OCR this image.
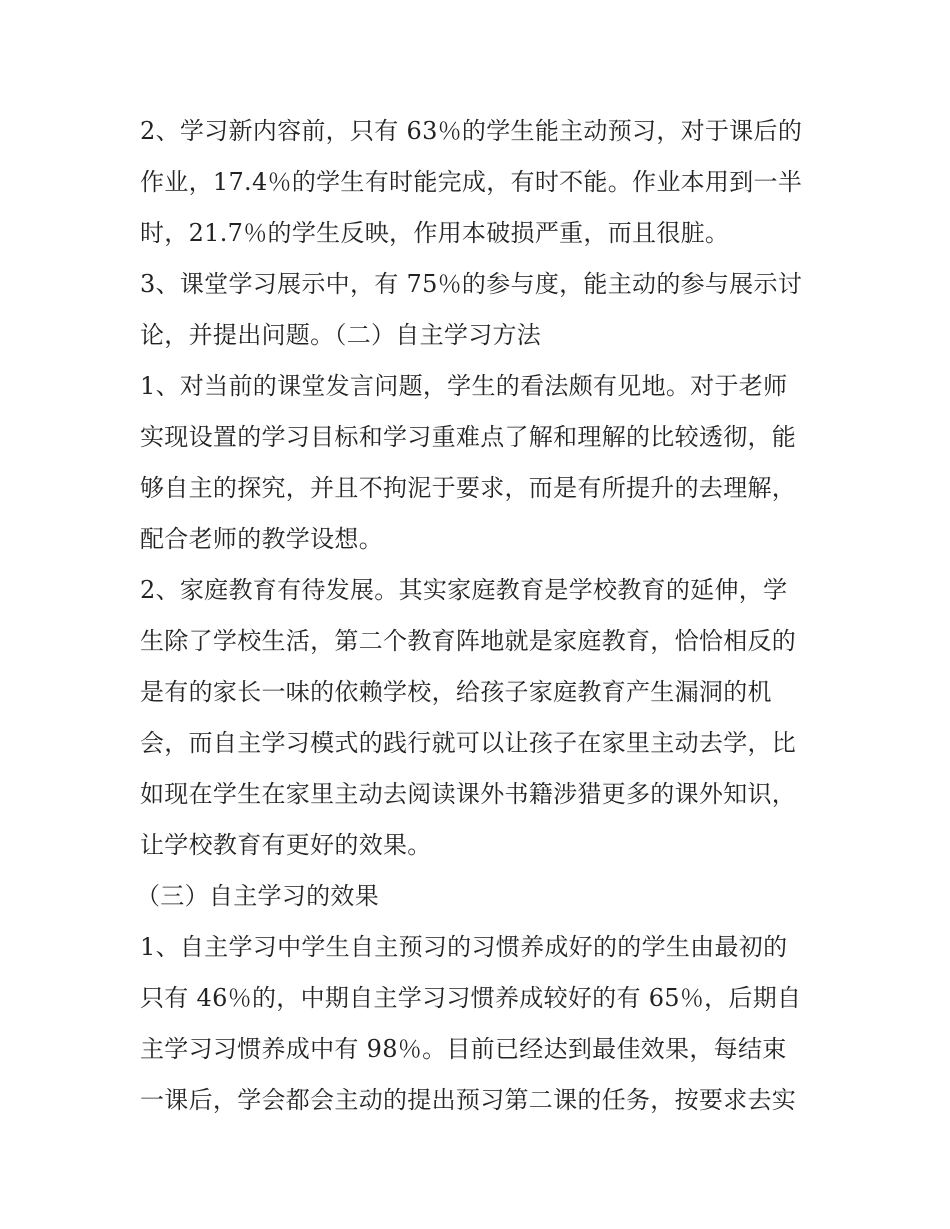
2、学习新内容前，只有 63％的学生能主动预习，对于课后的
作业，17.4％的学生有时能完成，有时不能。作业本用到一半
时，21.7％的学生反映，作用本破损严重，而且很脏。
3、课堂学习展示中，有 75％的参与度，能主动的参与展示讨
论，并提出问题。（二）自主学习方法
1、对当前的课堂发言问题，学生的看法颇有见地。对于老师
实现设置的学习目标和学习重难点了解和理解的比较透彻，能
够自主的探究，并且不拘泥于要求，而是有所提升的去理解，
配合老师的教学设想。
2、家庭教育有待发展。其实家庭教育是学校教育的延伸，学
生除了学校生活，第二个教育阵地就是家庭教育，恰恰相反的
是有的家长一味的依赖学校，给孩子家庭教育产生漏洞的机
会，而自主学习模式的践行就可以让孩子在家里主动去学，比
如现在学生在家里主动去阅读课外书籍涉猎更多的课外知识，
让学校教育有更好的效果。
（三）自主学习的效果
1、自主学习中学生自主预习的习惯养成好的的学生由最初的
只有 46％的，中期自主学习习惯养成较好的有 65％，后期自
主学习习惯养成中有 98％。目前已经达到最佳效果，每结束
一课后，学会都会主动的提出预习第二课的任务，按要求去实
